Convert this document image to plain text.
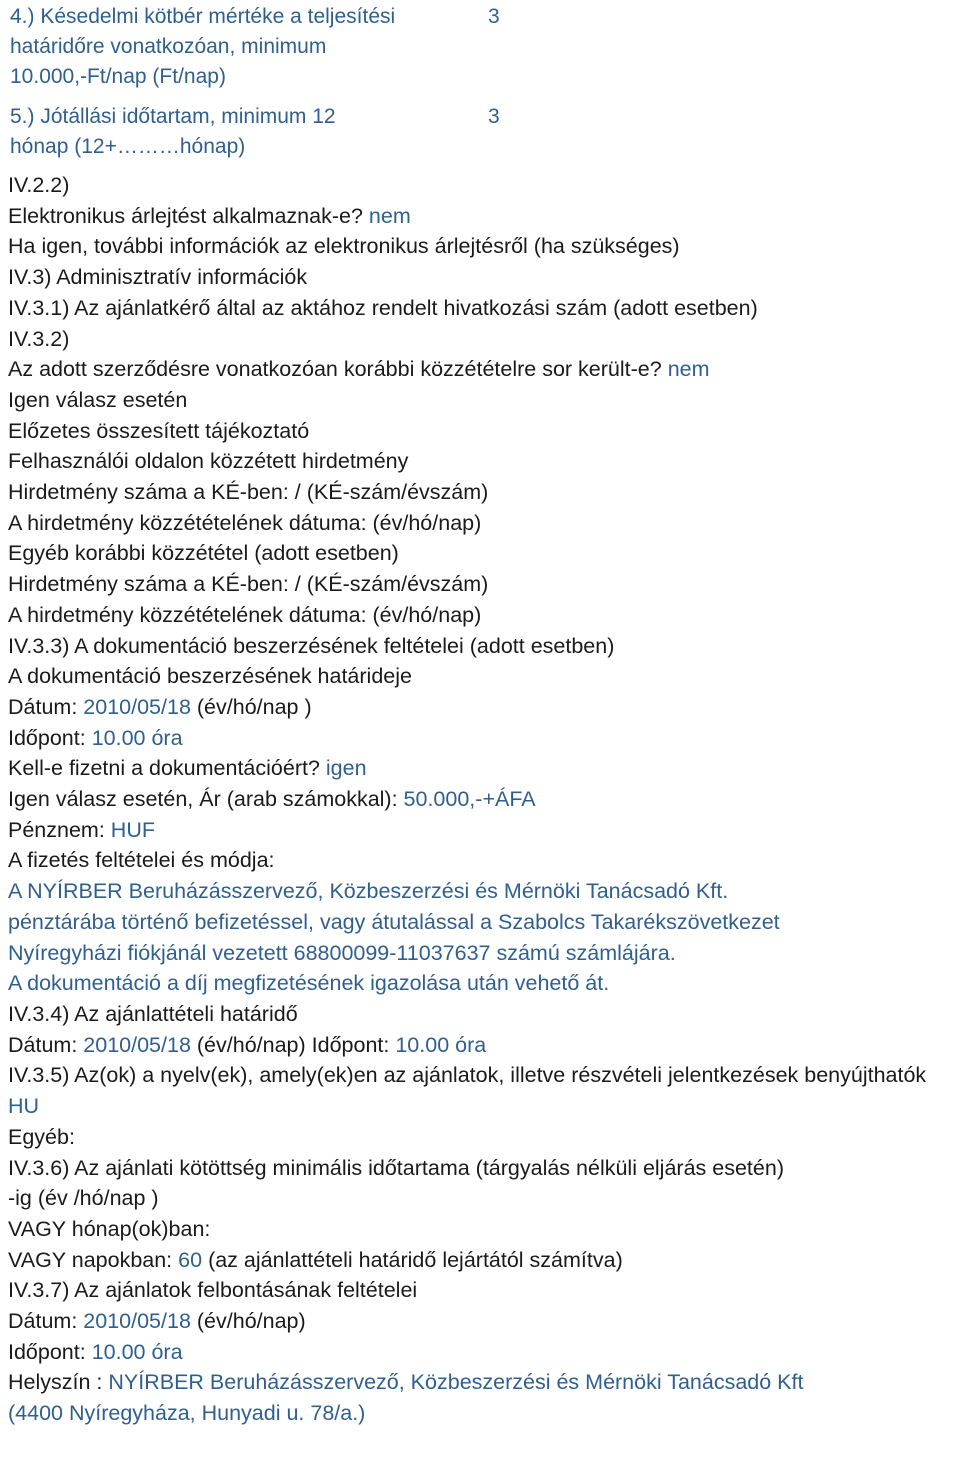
4.) Késedelmi kötbér mértéke a teljesítési
határidőre vonatkozóan, minimum
10.000,-Ft/nap (Ft/nap)
3
5.) Jótállási időtartam, minimum 12
hónap (12+………hónap)
3
IV.2.2)
Elektronikus árlejtést alkalmaznak-e? nem
Ha igen, további információk az elektronikus árlejtésről (ha szükséges)
IV.3) Adminisztratív információk
IV.3.1) Az ajánlatkérő által az aktához rendelt hivatkozási szám (adott esetben)
IV.3.2)
Az adott szerződésre vonatkozóan korábbi közzétételre sor került-e? nem
Igen válasz esetén
Előzetes összesített tájékoztató
Felhasználói oldalon közzétett hirdetmény
Hirdetmény száma a KÉ-ben: / (KÉ-szám/évszám)
A hirdetmény közzétételének dátuma: (év/hó/nap)
Egyéb korábbi közzététel (adott esetben)
Hirdetmény száma a KÉ-ben: / (KÉ-szám/évszám)
A hirdetmény közzétételének dátuma: (év/hó/nap)
IV.3.3) A dokumentáció beszerzésének feltételei (adott esetben)
A dokumentáció beszerzésének határideje
Dátum: 2010/05/18 (év/hó/nap )
Időpont: 10.00 óra
Kell-e fizetni a dokumentációért? igen
Igen válasz esetén, Ár (arab számokkal): 50.000,-+ÁFA
Pénznem: HUF
A fizetés feltételei és módja:
A NYÍRBER Beruházásszervező, Közbeszerzési és Mérnöki Tanácsadó Kft.
pénztárába történő befizetéssel, vagy átutalással a Szabolcs Takarékszövetkezet
Nyíregyházi fiókjánál vezetett 68800099-11037637 számú számlájára.
A dokumentáció a díj megfizetésének igazolása után vehető át.
IV.3.4) Az ajánlattételi határidő
Dátum: 2010/05/18 (év/hó/nap) Időpont: 10.00 óra
IV.3.5) Az(ok) a nyelv(ek), amely(ek)en az ajánlatok, illetve részvételi jelentkezések benyújthatók
HU
Egyéb:
IV.3.6) Az ajánlati kötöttség minimális időtartama (tárgyalás nélküli eljárás esetén)
-ig (év /hó/nap )
VAGY hónap(ok)ban:
VAGY napokban: 60 (az ajánlattételi határidő lejártától számítva)
IV.3.7) Az ajánlatok felbontásának feltételei
Dátum: 2010/05/18 (év/hó/nap)
Időpont: 10.00 óra
Helyszín : NYÍRBER Beruházásszervező, Közbeszerzési és Mérnöki Tanácsadó Kft
(4400 Nyíregyháza, Hunyadi u. 78/a.)
